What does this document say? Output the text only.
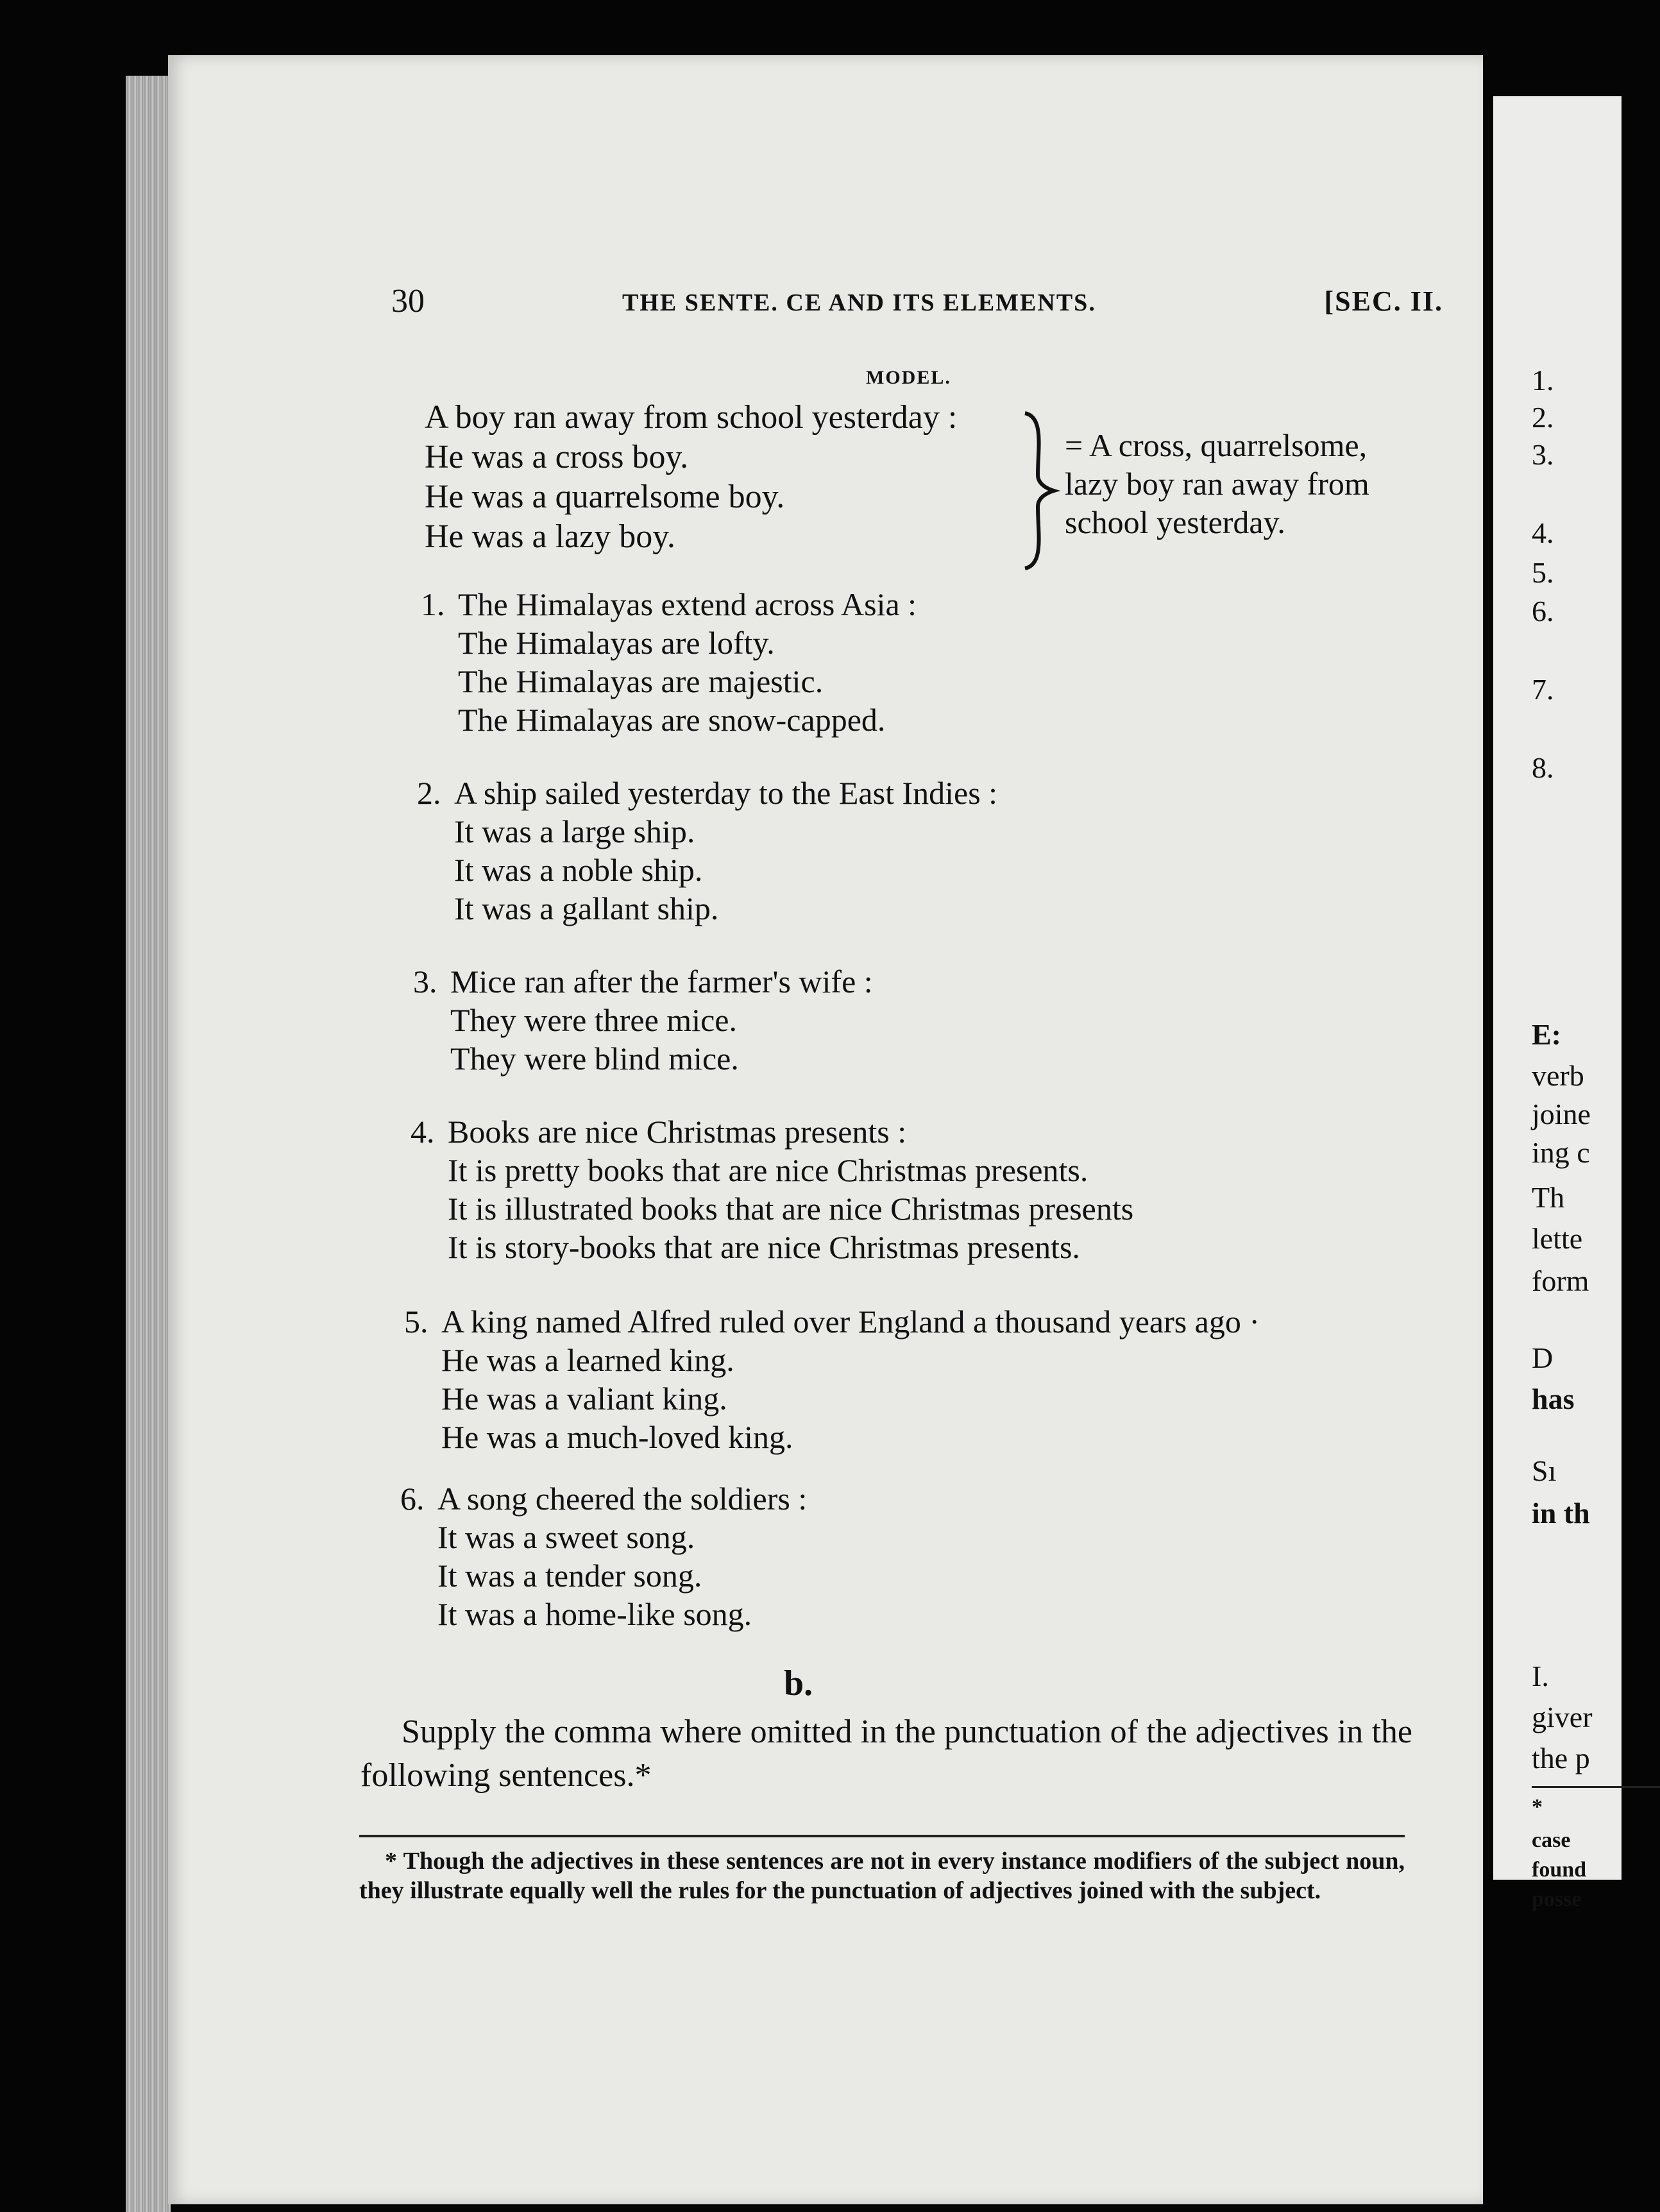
1.
2.
3.
4.
5.
6.
7.
8.
E:
verb
joine
ing c
Th
lette
form
D
has
Sı
in th
I.
giver
the p
*
case
found
posse
30	THE SENTE. CE AND ITS ELEMENTS.	[SEC. II.
MODEL.
A boy ran away from school yesterday :
He was a cross boy.
He was a quarrelsome boy.
He was a lazy boy.
= A cross, quarrelsome,
lazy boy ran away from
school yesterday.
1. The Himalayas extend across Asia :
The Himalayas are lofty.
The Himalayas are majestic.
The Himalayas are snow-capped.
2. A ship sailed yesterday to the East Indies :
It was a large ship.
It was a noble ship.
It was a gallant ship.
3. Mice ran after the farmer's wife :
They were three mice.
They were blind mice.
4. Books are nice Christmas presents :
It is pretty books that are nice Christmas presents.
It is illustrated books that are nice Christmas presents
It is story-books that are nice Christmas presents.
5. A king named Alfred ruled over England a thousand years ago ·
He was a learned king.
He was a valiant king.
He was a much-loved king.
6. A song cheered the soldiers :
It was a sweet song.
It was a tender song.
It was a home-like song.
b.
Supply the comma where omitted in the punctuation of the adjectives in the following sentences.*
* Though the adjectives in these sentences are not in every instance modifiers of the subject noun, they illustrate equally well the rules for the punctuation of adjectives joined with the subject.
